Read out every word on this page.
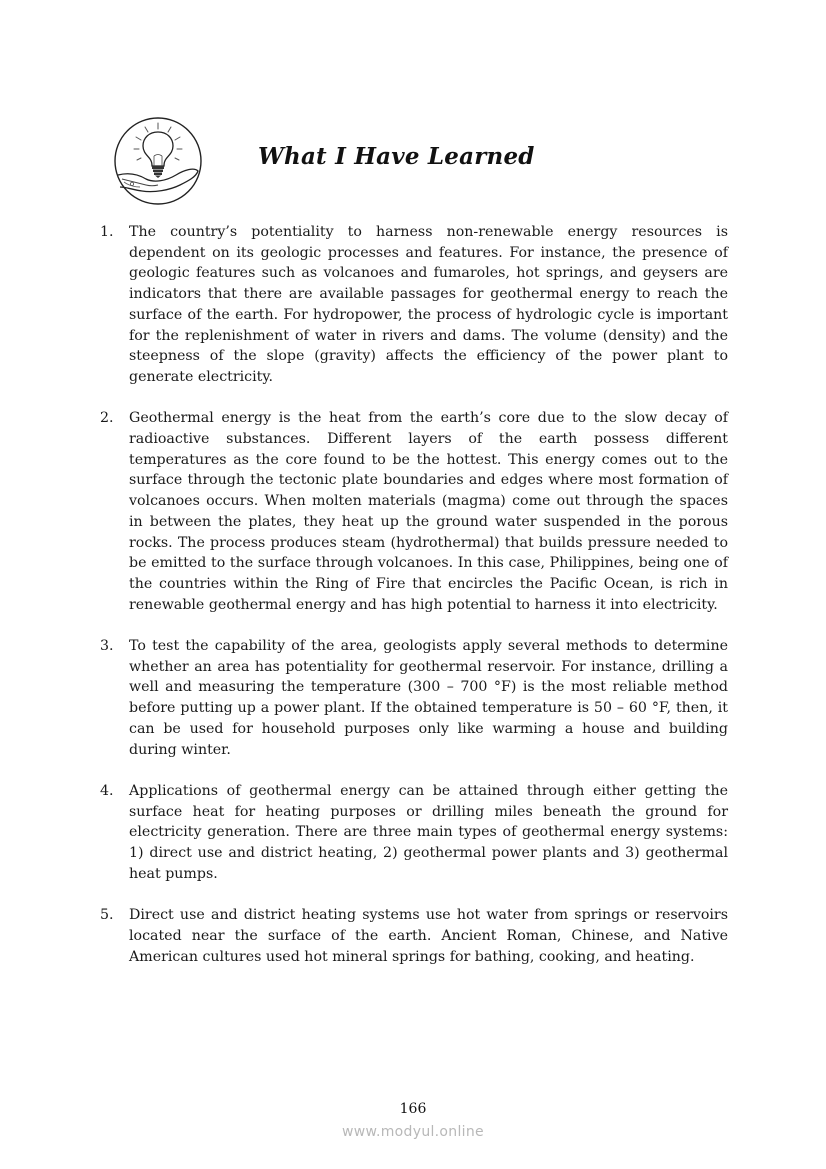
What I Have Learned
1. The country’s potentiality to harness non-renewable energy resources is dependent on its geologic processes and features. For instance, the presence of geologic features such as volcanoes and fumaroles, hot springs, and geysers are indicators that there are available passages for geothermal energy to reach the surface of the earth. For hydropower, the process of hydrologic cycle is important for the replenishment of water in rivers and dams. The volume (density) and the steepness of the slope (gravity) affects the efficiency of the power plant to generate electricity.
2. Geothermal energy is the heat from the earth’s core due to the slow decay of radioactive substances. Different layers of the earth possess different temperatures as the core found to be the hottest. This energy comes out to the surface through the tectonic plate boundaries and edges where most formation of volcanoes occurs. When molten materials (magma) come out through the spaces in between the plates, they heat up the ground water suspended in the porous rocks. The process produces steam (hydrothermal) that builds pressure needed to be emitted to the surface through volcanoes. In this case, Philippines, being one of the countries within the Ring of Fire that encircles the Pacific Ocean, is rich in renewable geothermal energy and has high potential to harness it into electricity.
3. To test the capability of the area, geologists apply several methods to determine whether an area has potentiality for geothermal reservoir. For instance, drilling a well and measuring the temperature (300 – 700 °F) is the most reliable method before putting up a power plant. If the obtained temperature is 50 – 60 °F, then, it can be used for household purposes only like warming a house and building during winter.
4. Applications of geothermal energy can be attained through either getting the surface heat for heating purposes or drilling miles beneath the ground for electricity generation. There are three main types of geothermal energy systems: 1) direct use and district heating, 2) geothermal power plants and 3) geothermal heat pumps.
5. Direct use and district heating systems use hot water from springs or reservoirs located near the surface of the earth. Ancient Roman, Chinese, and Native American cultures used hot mineral springs for bathing, cooking, and heating.
166
www.modyul.online
